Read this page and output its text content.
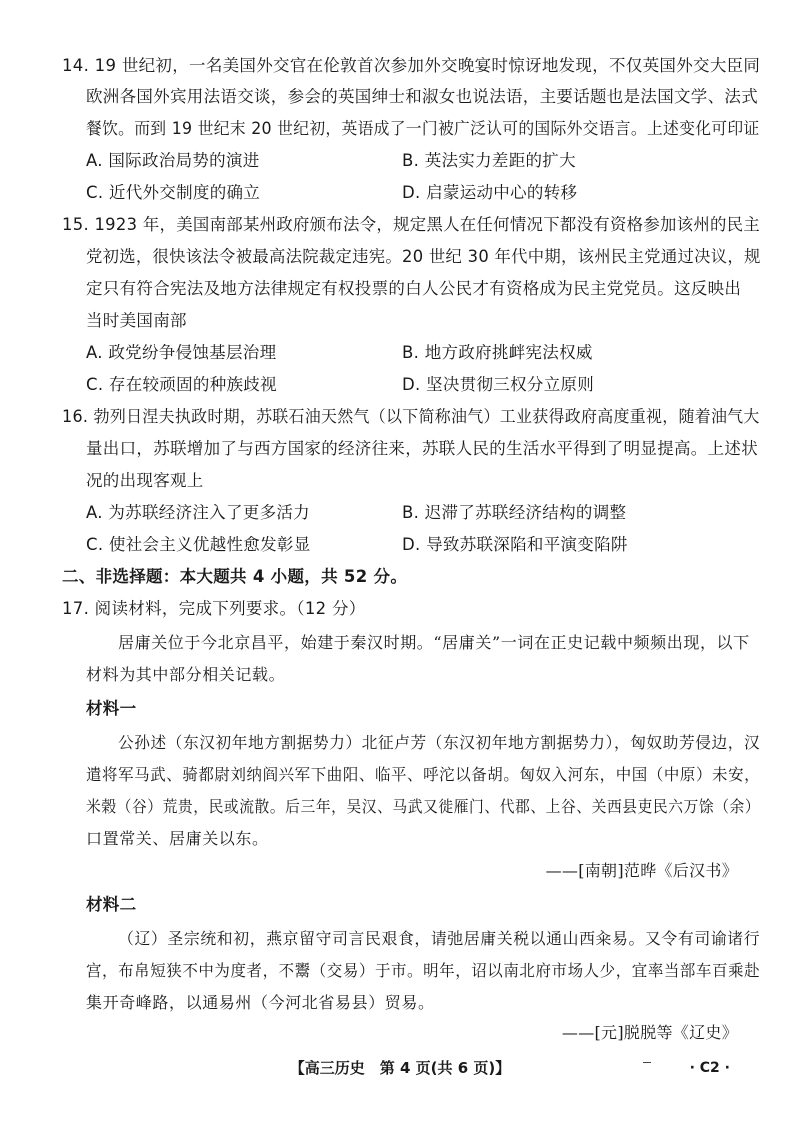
14. 19 世纪初，一名美国外交官在伦敦首次参加外交晚宴时惊讶地发现，不仅英国外交大臣同
欧洲各国外宾用法语交谈，参会的英国绅士和淑女也说法语，主要话题也是法国文学、法式
餐饮。而到 19 世纪末 20 世纪初，英语成了一门被广泛认可的国际外交语言。上述变化可印证
A. 国际政治局势的演进	B. 英法实力差距的扩大
C. 近代外交制度的确立	D. 启蒙运动中心的转移
15. 1923 年，美国南部某州政府颁布法令，规定黑人在任何情况下都没有资格参加该州的民主
党初选，很快该法令被最高法院裁定违宪。20 世纪 30 年代中期，该州民主党通过决议，规
定只有符合宪法及地方法律规定有权投票的白人公民才有资格成为民主党党员。这反映出
当时美国南部
A. 政党纷争侵蚀基层治理	B. 地方政府挑衅宪法权威
C. 存在较顽固的种族歧视	D. 坚决贯彻三权分立原则
16. 勃列日涅夫执政时期，苏联石油天然气（以下简称油气）工业获得政府高度重视，随着油气大
量出口，苏联增加了与西方国家的经济往来，苏联人民的生活水平得到了明显提高。上述状
况的出现客观上
A. 为苏联经济注入了更多活力	B. 迟滞了苏联经济结构的调整
C. 使社会主义优越性愈发彰显	D. 导致苏联深陷和平演变陷阱
二、非选择题：本大题共 4 小题，共 52 分。
17. 阅读材料，完成下列要求。（12 分）
居庸关位于今北京昌平，始建于秦汉时期。“居庸关”一词在正史记载中频频出现，以下
材料为其中部分相关记载。
材料一
公孙述（东汉初年地方割据势力）北征卢芳（东汉初年地方割据势力），匈奴助芳侵边，汉
遣将军马武、骑都尉刘纳阎兴军下曲阳、临平、呼沱以备胡。匈奴入河东，中国（中原）未安，
米榖（谷）荒贵，民或流散。后三年，吴汉、马武又徙雁门、代郡、上谷、关西县吏民六万馀（余）
口置常关、居庸关以东。
——[南朝]范晔《后汉书》
材料二
（辽）圣宗统和初，燕京留守司言民艰食，请弛居庸关税以通山西籴易。又令有司谕诸行
宫，布帛短狭不中为度者，不鬻（交易）于市。明年，诏以南北府市场人少，宜率当部车百乘赴
集开奇峰路，以通易州（今河北省易县）贸易。
——[元]脱脱等《辽史》
【高三历史　第 4 页(共 6 页)】	· C2 ·
